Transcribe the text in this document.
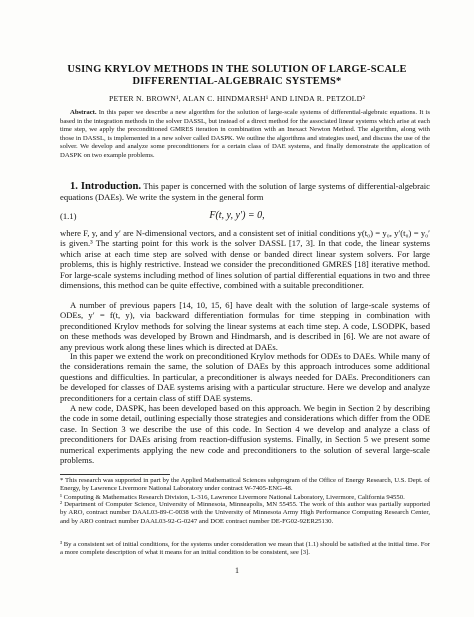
USING KRYLOV METHODS IN THE SOLUTION OF LARGE-SCALE
DIFFERENTIAL-ALGEBRAIC SYSTEMS*
PETER N. BROWN¹, ALAN C. HINDMARSH¹ AND LINDA R. PETZOLD²
Abstract. In this paper we describe a new algorithm for the solution of large-scale systems of differential-algebraic equations. It is based in the integration methods in the solver DASSL, but instead of a direct method for the associated linear systems which arise at each time step, we apply the preconditioned GMRES iteration in combination with an Inexact Newton Method. The algorithm, along with those in DASSL, is implemented in a new solver called DASPK. We outline the algorithms and strategies used, and discuss the use of the solver. We develop and analyze some preconditioners for a certain class of DAE systems, and finally demonstrate the application of DASPK on two example problems.
1. Introduction. This paper is concerned with the solution of large systems of differential-algebraic equations (DAEs). We write the system in the general form
(1.1)	F(t, y, y′) = 0,
where F, y, and y′ are N-dimensional vectors, and a consistent set of initial conditions y(t₀) = y₀, y′(t₀) = y₀′ is given.³ The starting point for this work is the solver DASSL [17, 3]. In that code, the linear systems which arise at each time step are solved with dense or banded direct linear system solvers. For large problems, this is highly restrictive. Instead we consider the preconditioned GMRES [18] iterative method. For large-scale systems including method of lines solution of partial differential equations in two and three dimensions, this method can be quite effective, combined with a suitable preconditioner.
A number of previous papers [14, 10, 15, 6] have dealt with the solution of large-scale systems of ODEs, y′ = f(t, y), via backward differentiation formulas for time stepping in combination with preconditioned Krylov methods for solving the linear systems at each time step. A code, LSODPK, based on these methods was developed by Brown and Hindmarsh, and is described in [6]. We are not aware of any previous work along these lines which is directed at DAEs.
In this paper we extend the work on preconditioned Krylov methods for ODEs to DAEs. While many of the considerations remain the same, the solution of DAEs by this approach introduces some additional questions and difficulties. In particular, a preconditioner is always needed for DAEs. Preconditioners can be developed for classes of DAE systems arising with a particular structure. Here we develop and analyze preconditioners for a certain class of stiff DAE systems.
A new code, DASPK, has been developed based on this approach. We begin in Section 2 by describing the code in some detail, outlining especially those strategies and considerations which differ from the ODE case. In Section 3 we describe the use of this code. In Section 4 we develop and analyze a class of preconditioners for DAEs arising from reaction-diffusion systems. Finally, in Section 5 we present some numerical experiments applying the new code and preconditioners to the solution of several large-scale problems.
* This research was supported in part by the Applied Mathematical Sciences subprogram of the Office of Energy Research, U.S. Dept. of Energy, by Lawrence Livermore National Laboratory under contract W-7405-ENG-48.
¹ Computing & Mathematics Research Division, L-316, Lawrence Livermore National Laboratory, Livermore, California 94550.
² Department of Computer Science, University of Minnesota, Minneapolis, MN 55455. The work of this author was partially supported by ARO, contract number DAAL03-89-C-0038 with the University of Minnesota Army High Performance Computing Research Center, and by ARO contract number DAAL03-92-G-0247 and DOE contract number DE-FG02-92ER25130.
³ By a consistent set of initial conditions, for the systems under consideration we mean that (1.1) should be satisfied at the initial time. For a more complete description of what it means for an initial condition to be consistent, see [3].
1
